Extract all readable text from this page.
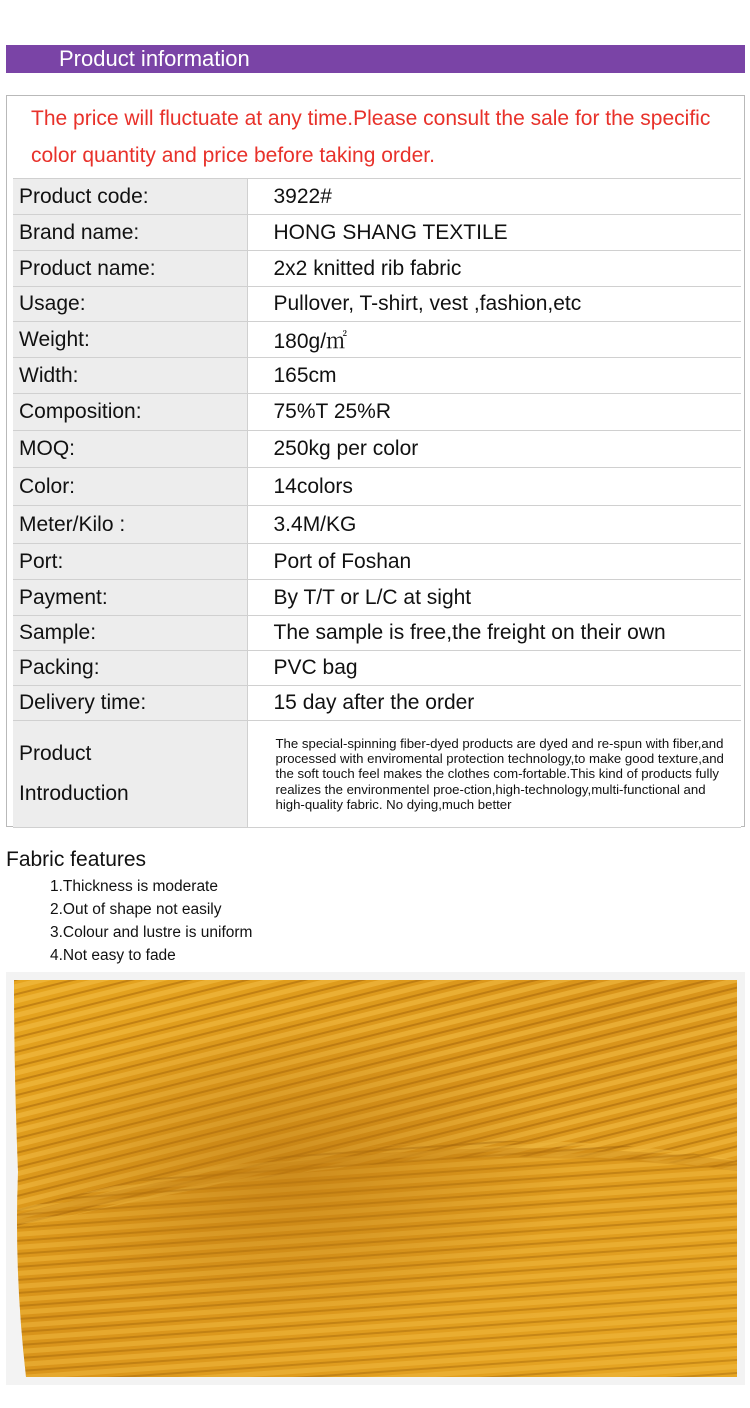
Product information
The price will fluctuate at any time.Please consult the sale for the specific color quantity and price before taking order.
Product code:	3922#
Brand name:	HONG SHANG TEXTILE
Product name:	2x2 knitted rib fabric
Usage:	Pullover, T-shirt, vest ,fashion,etc
Weight:	180g/㎡
Width:	165cm
Composition:	75%T 25%R
MOQ:	250kg per color
Color:	14colors
Meter/Kilo :	3.4M/KG
Port:	Port of Foshan
Payment:	By T/T or L/C at sight
Sample:	The sample is free,the freight on their own
Packing:	PVC bag
Delivery time:	15 day after the order

Product
Introduction	The special-spinning fiber-dyed products are dyed and re-spun with fiber,and processed with enviromental protection technology,to make good texture,and the soft touch feel makes the clothes com-fortable.This kind of products fully realizes the environmentel proe-ction,high-technology,multi-functional and high-quality fabric. No dying,much better
Fabric features
1.Thickness is moderate
2.Out of shape not easily
3.Colour and lustre is uniform
4.Not easy to fade
